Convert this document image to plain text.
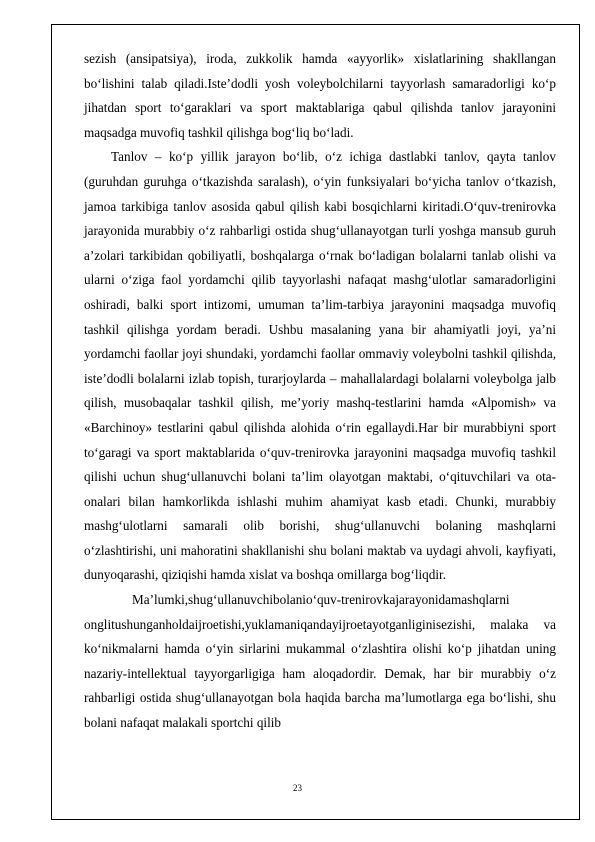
sezish (ansipatsiya), iroda, zukkolik hamda «ayyorlik» xislatlarining shakllangan bo‘lishini talab qiladi.Iste’dodli yosh voleybolchilarni tayyorlash samaradorligi ko‘p jihatdan sport to‘garaklari va sport maktablariga qabul qilishda tanlov jarayonini maqsadga muvofiq tashkil qilishga bog‘liq bo‘ladi.

Tanlov – ko‘p yillik jarayon bo‘lib, o‘z ichiga dastlabki tanlov, qayta tanlov (guruhdan guruhga o‘tkazishda saralash), o‘yin funksiyalari bo‘yicha tanlov o‘tkazish, jamoa tarkibiga tanlov asosida qabul qilish kabi bosqichlarni kiritadi.O‘quv-trenirovka jarayonida murabbiy o‘z rahbarligi ostida shug‘ullanayotgan turli yoshga mansub guruh a’zolari tarkibidan qobiliyatli, boshqalarga o‘rnak bo‘ladigan bolalarni tanlab olishi va ularni o‘ziga faol yordamchi qilib tayyorlashi nafaqat mashg‘ulotlar samaradorligini oshiradi, balki sport intizomi, umuman ta’lim-tarbiya jarayonini maqsadga muvofiq tashkil qilishga yordam beradi. Ushbu masalaning yana bir ahamiyatli joyi, ya’ni yordamchi faollar joyi shundaki, yordamchi faollar ommaviy voleybolni tashkil qilishda, iste’dodli bolalarni izlab topish, turarjoylarda – mahallalardagi bolalarni voleybolga jalb qilish, musobaqalar tashkil qilish, me’yoriy mashq-testlarini hamda «Alpomish» va «Barchinoy» testlarini qabul qilishda alohida o‘rin egallaydi.Har bir murabbiyni sport to‘garagi va sport maktablarida o‘quv-trenirovka jarayonini maqsadga muvofiq tashkil qilishi uchun shug‘ullanuvchi bolani ta’lim olayotgan maktabi, o‘qituvchilari va ota-onalari bilan hamkorlikda ishlashi muhim ahamiyat kasb etadi. Chunki, murabbiy mashg‘ulotlarni samarali olib borishi, shug‘ullanuvchi bolaning mashqlarni o‘zlashtirishi, uni mahoratini shakllanishi shu bolani maktab va uydagi ahvoli, kayfiyati, dunyoqarashi, qiziqishi hamda xislat va boshqa omillarga bog‘liqdir.

Ma’lumki,shug‘ullanuvchibolanio‘quv-trenirovkajarayonidamashqlarni onglitushunganholdaijroetishi,yuklamaniqandayijroetayotganliginisezishi, malaka va ko‘nikmalarni hamda o‘yin sirlarini mukammal o‘zlashtira olishi ko‘p jihatdan uning nazariy-intellektual tayyorgarligiga ham aloqadordir. Demak, har bir murabbiy o‘z rahbarligi ostida shug‘ullanayotgan bola haqida barcha ma’lumotlarga ega bo‘lishi, shu bolani nafaqat malakali sportchi qilib

23
